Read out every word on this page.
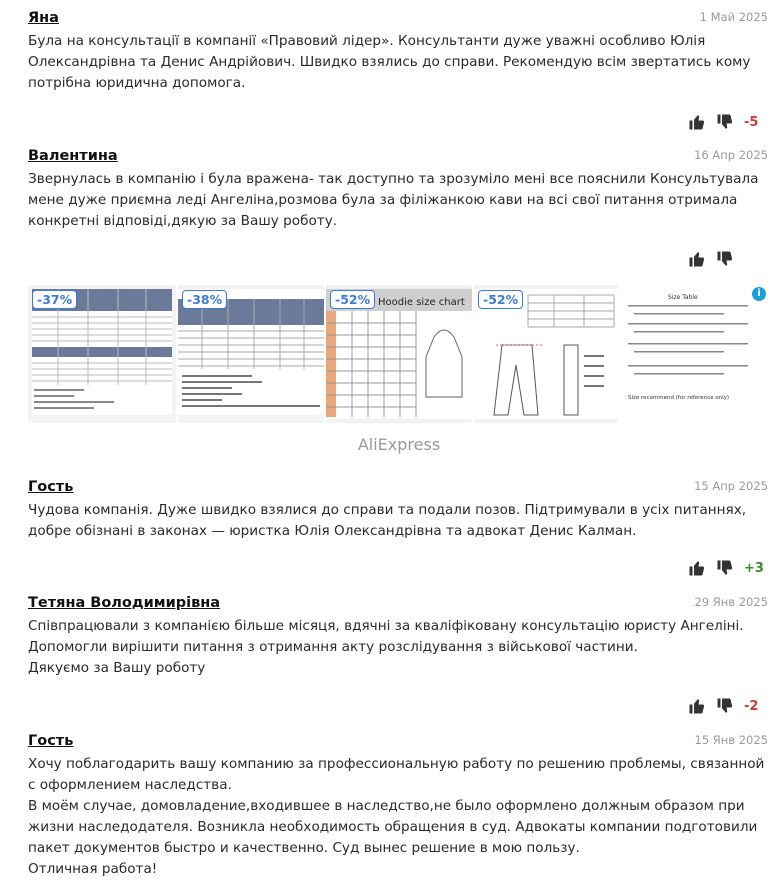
Яна	1 Май 2025

Була на консультації в компанії «Правовий лідер». Консультанти дуже уважні особливо Юлія Олександрівна та Денис Андрійович. Швидко взялись до справи. Рекомендую всім звертатись кому потрібна юридична допомога.

-5
Валентина	16 Апр 2025

Звернулась в компанію і була вражена- так доступно та зрозуміло мені все пояснили Консультувала мене дуже приємна леді Ангеліна,розмова була за філіжанкою кави на всі свої питання отримала конкретні відповіді,дякую за Вашу роботу.

-37%	-38%	Hoodie size chart
-52%	-52%	Size Table
Size recommend (for reference only)
i
AliExpress
Гость	15 Апр 2025

Чудова компанія. Дуже швидко взялися до справи та подали позов. Підтримували в усіх питаннях, добре обізнані в законах — юристка Юлія Олександрівна та адвокат Денис Калман.

+3
Тетяна Володимирівна	29 Янв 2025

Співпрацювали з компанією більше місяця, вдячні за кваліфіковану консультацію юристу Ангеліні.

Допомогли вирішити питання з отримання акту розслідування з військової частини.

Дякуємо за Вашу роботу

-2
Гость	15 Янв 2025

Хочу поблагодарить вашу компанию за профессиональную работу по решению проблемы, связанной с оформлением наследства.

В моём случае, домовладение,входившее в наследство,не было оформлено должным образом при жизни наследодателя. Возникла необходимость обращения в суд. Адвокаты компании подготовили пакет документов быстро и качественно. Суд вынес решение в мою пользу.

Отличная работа!
